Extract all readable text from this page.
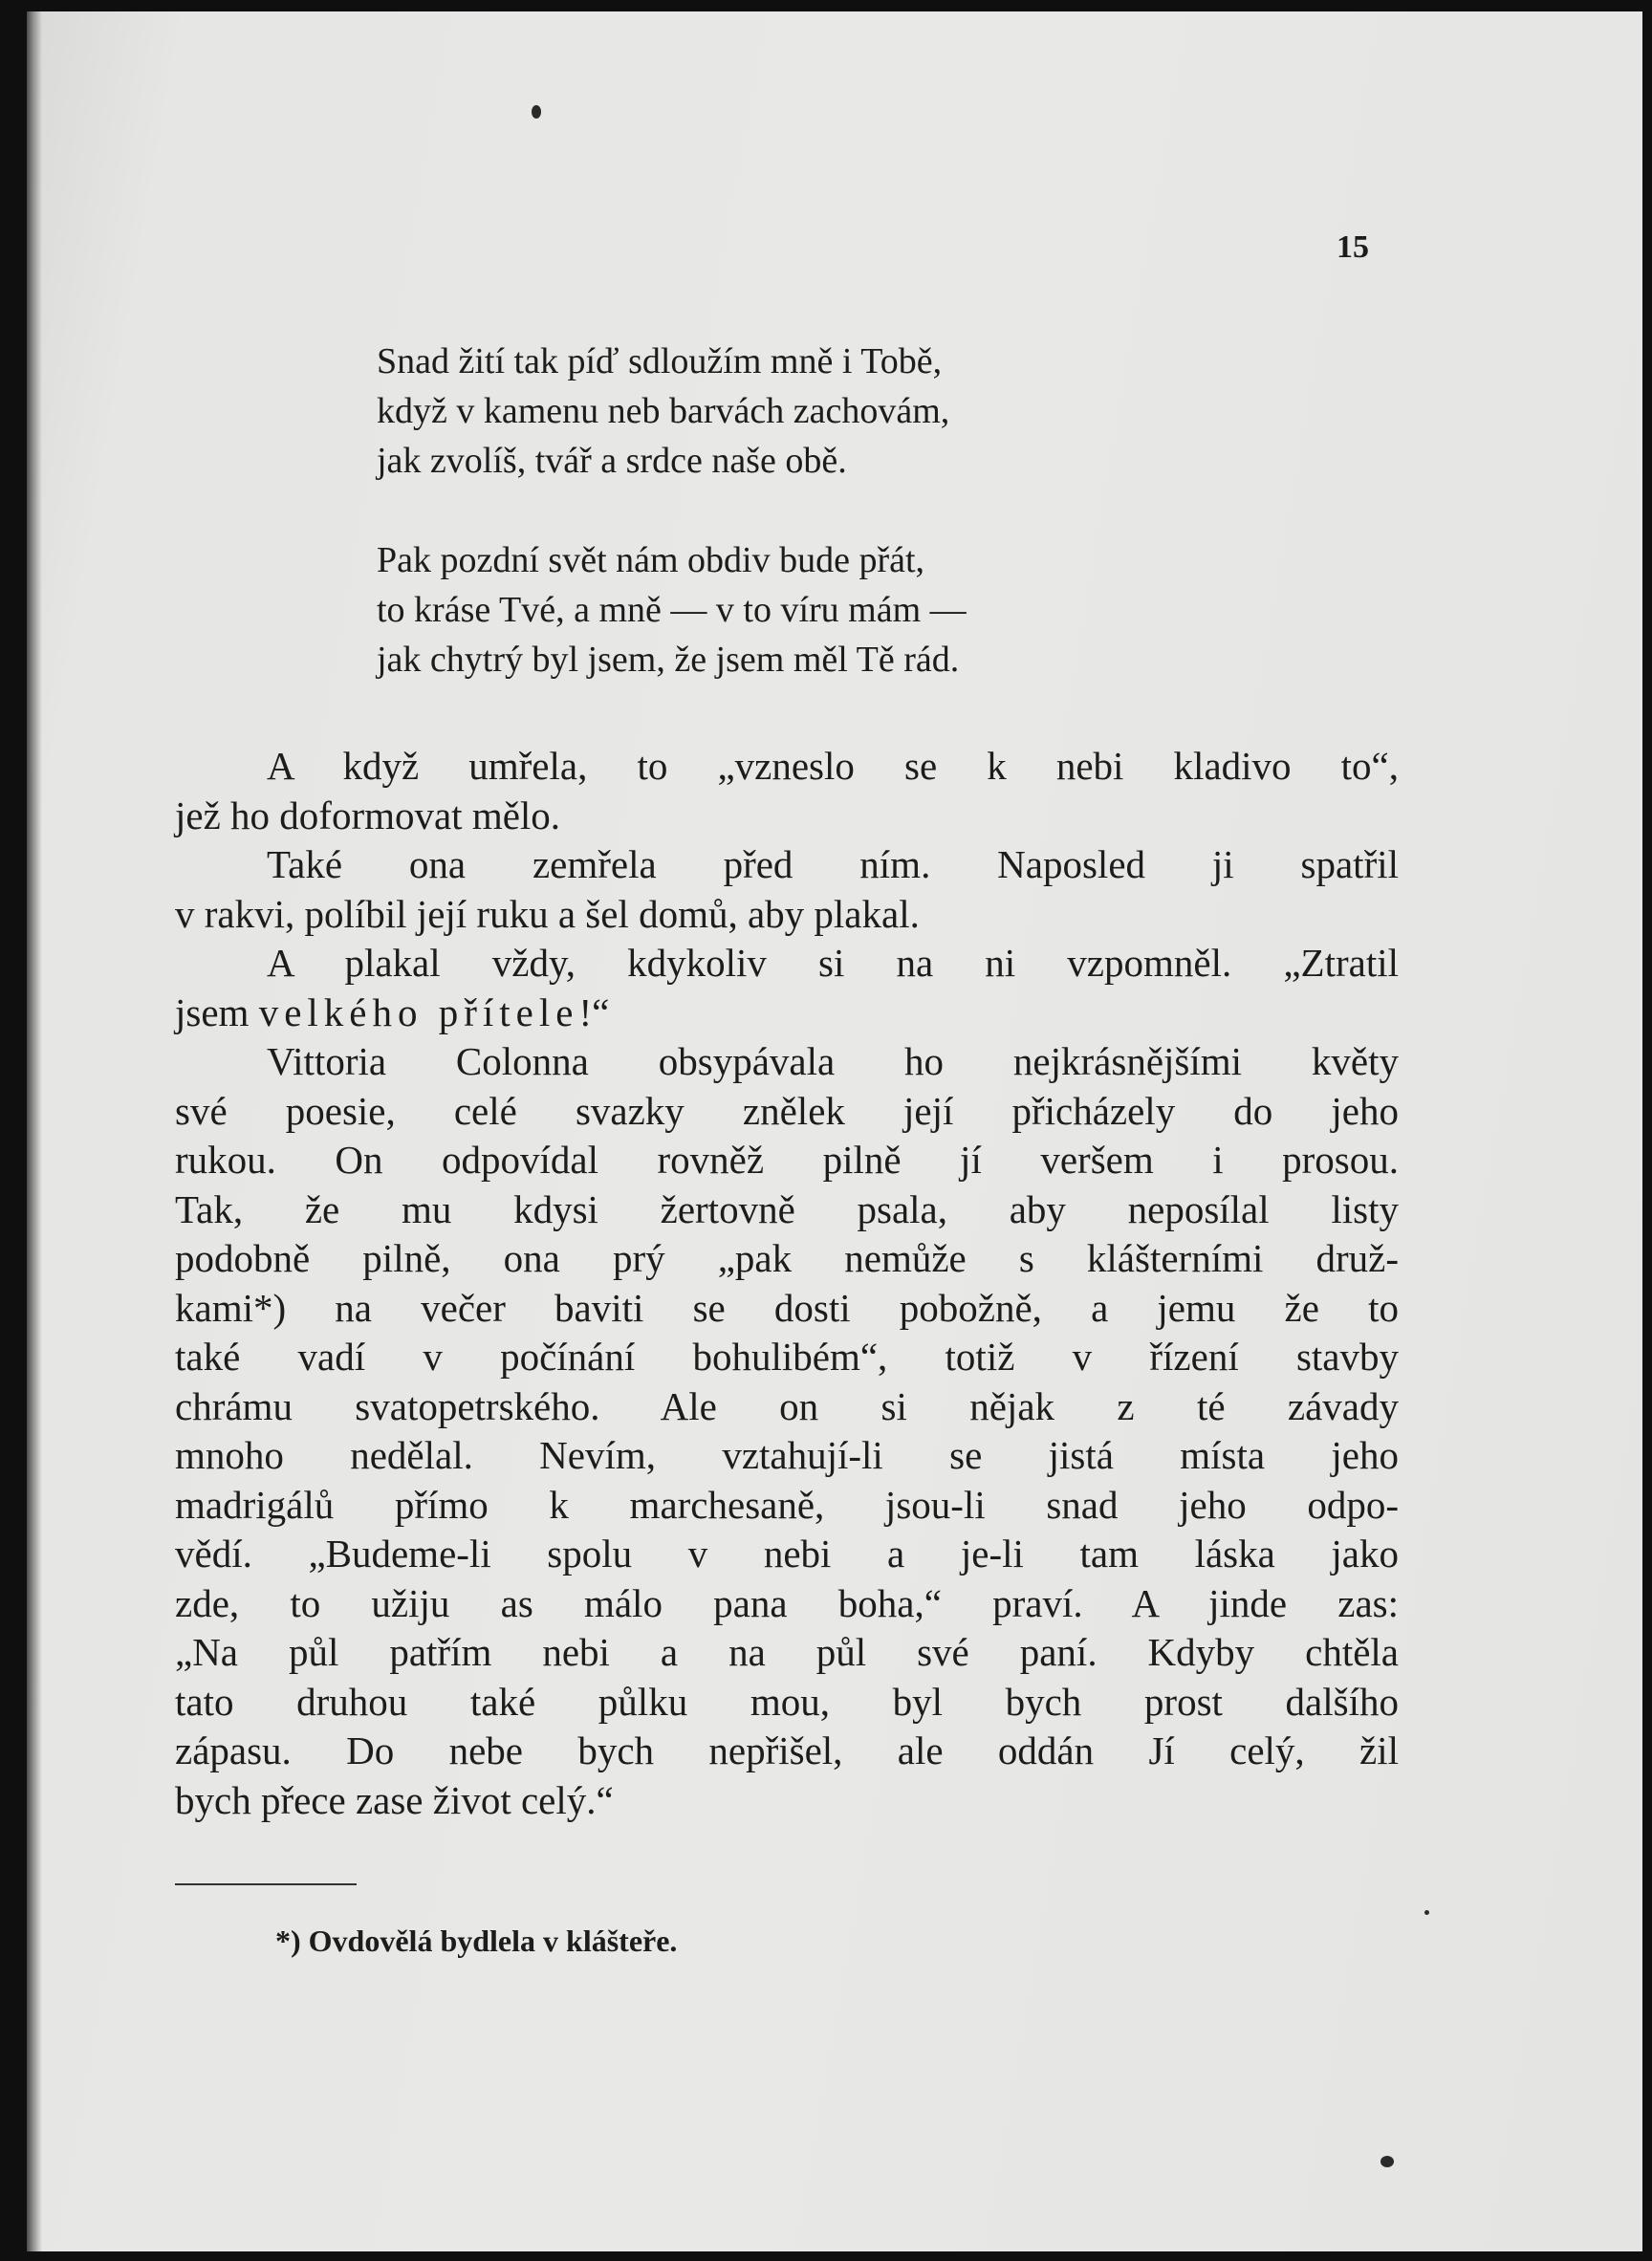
15
Snad žití tak píď sdloužím mně i Tobě,
když v kamenu neb barvách zachovám,
jak zvolíš, tvář a srdce naše obě.
Pak pozdní svět nám obdiv bude přát,
to kráse Tvé, a mně — v to víru mám —
jak chytrý byl jsem, že jsem měl Tě rád.
A když umřela, to „vzneslo se k nebi kladivo to“,
jež ho doformovat mělo.
Také ona zemřela před ním. Naposled ji spatřil
v rakvi, políbil její ruku a šel domů, aby plakal.
A plakal vždy, kdykoliv si na ni vzpomněl. „Ztratil
jsem velkého přítele!“
Vittoria Colonna obsypávala ho nejkrásnějšími květy
své poesie, celé svazky znělek její přicházely do jeho
rukou. On odpovídal rovněž pilně jí veršem i prosou.
Tak, že mu kdysi žertovně psala, aby neposílal listy
podobně pilně, ona prý „pak nemůže s klášterními druž-
kami*) na večer baviti se dosti pobožně, a jemu že to
také vadí v počínání bohulibém“, totiž v řízení stavby
chrámu svatopetrského. Ale on si nějak z té závady
mnoho nedělal. Nevím, vztahují-li se jistá místa jeho
madrigálů přímo k marchesaně, jsou-li snad jeho odpo-
vědí. „Budeme-li spolu v nebi a je-li tam láska jako
zde, to užiju as málo pana boha,“ praví. A jinde zas:
„Na půl patřím nebi a na půl své paní. Kdyby chtěla
tato druhou také půlku mou, byl bych prost dalšího
zápasu. Do nebe bych nepřišel, ale oddán Jí celý, žil
bych přece zase život celý.“
*) Ovdovělá bydlela v klášteře.
